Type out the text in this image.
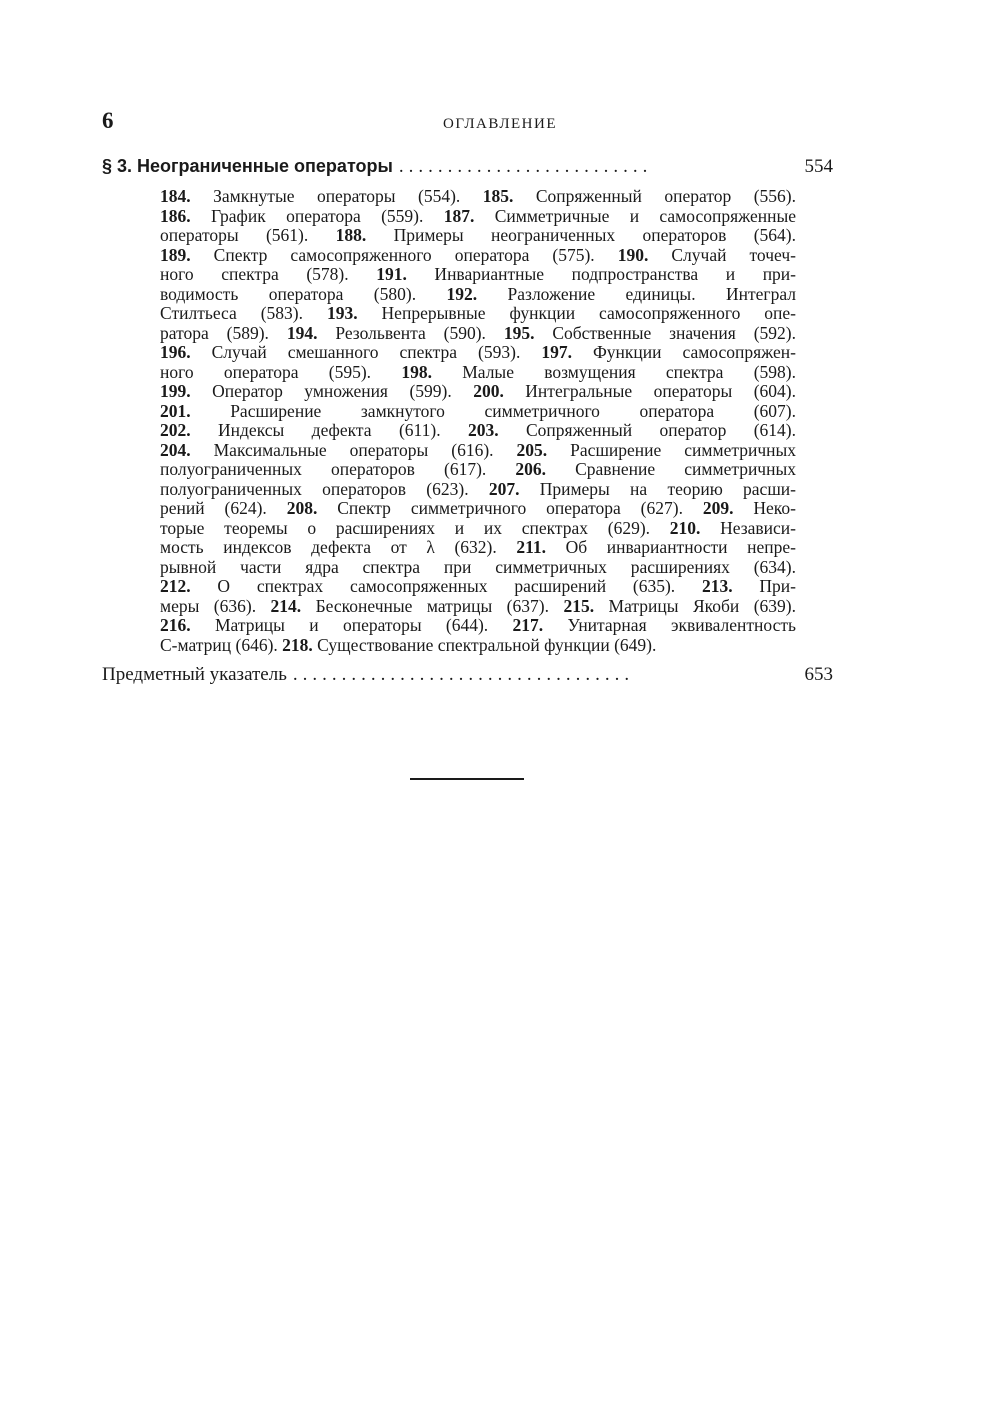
6	ОГЛАВЛЕНИЕ
§ 3. Неограниченные операторы ..........................	554
184. Замкнутые операторы (554). 185. Сопряженный оператор (556).
186. График оператора (559). 187. Симметричные и самосопряженные
операторы (561). 188. Примеры неограниченных операторов (564).
189. Спектр самосопряженного оператора (575). 190. Случай точеч-
ного спектра (578). 191. Инвариантные подпространства и при-
водимость оператора (580). 192. Разложение единицы. Интеграл
Стилтьеса (583). 193. Непрерывные функции самосопряженного опе-
ратора (589). 194. Резольвента (590). 195. Собственные значения (592).
196. Случай смешанного спектра (593). 197. Функции самосопряжен-
ного оператора (595). 198. Малые возмущения спектра (598).
199. Оператор умножения (599). 200. Интегральные операторы (604).
201. Расширение замкнутого симметричного оператора (607).
202. Индексы дефекта (611). 203. Сопряженный оператор (614).
204. Максимальные операторы (616). 205. Расширение симметричных
полуограниченных операторов (617). 206. Сравнение симметричных
полуограниченных операторов (623). 207. Примеры на теорию расши-
рений (624). 208. Спектр симметричного оператора (627). 209. Неко-
торые теоремы о расширениях и их спектрах (629). 210. Независи-
мость индексов дефекта от λ (632). 211. Об инвариантности непре-
рывной части ядра спектра при симметричных расширениях (634).
212. О спектрах самосопряженных расширений (635). 213. При-
меры (636). 214. Бесконечные матрицы (637). 215. Матрицы Якоби (639).
216. Матрицы и операторы (644). 217. Унитарная эквивалентность
C-матриц (646). 218. Существование спектральной функции (649).
Предметный указатель ...................................	653
